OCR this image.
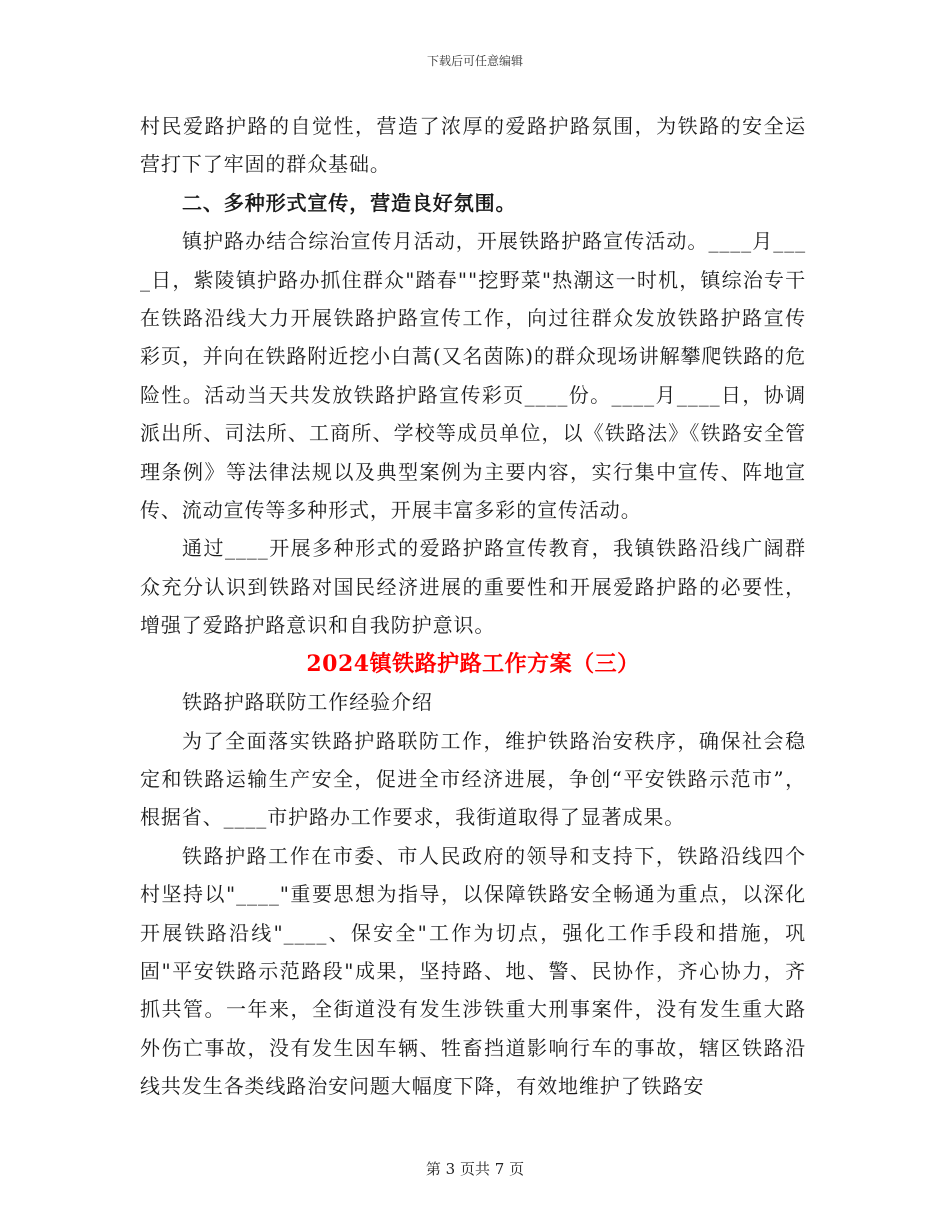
下载后可任意编辑

村民爱路护路的自觉性，营造了浓厚的爱路护路氛围，为铁路的安全运营打下了牢固的群众基础。

二、多种形式宣传，营造良好氛围。

镇护路办结合综治宣传月活动，开展铁路护路宣传活动。____月____日，紫陵镇护路办抓住群众"踏春""挖野菜"热潮这一时机，镇综治专干在铁路沿线大力开展铁路护路宣传工作，向过往群众发放铁路护路宣传彩页，并向在铁路附近挖小白蒿(又名茵陈)的群众现场讲解攀爬铁路的危险性。活动当天共发放铁路护路宣传彩页____份。____月____日，协调派出所、司法所、工商所、学校等成员单位，以《铁路法》《铁路安全管理条例》等法律法规以及典型案例为主要内容，实行集中宣传、阵地宣传、流动宣传等多种形式，开展丰富多彩的宣传活动。

通过____开展多种形式的爱路护路宣传教育，我镇铁路沿线广阔群众充分认识到铁路对国民经济进展的重要性和开展爱路护路的必要性，增强了爱路护路意识和自我防护意识。

2024镇铁路护路工作方案（三）

铁路护路联防工作经验介绍

为了全面落实铁路护路联防工作，维护铁路治安秩序，确保社会稳定和铁路运输生产安全，促进全市经济进展，争创“平安铁路示范市”，根据省、____市护路办工作要求，我街道取得了显著成果。

铁路护路工作在市委、市人民政府的领导和支持下，铁路沿线四个村坚持以"____"重要思想为指导，以保障铁路安全畅通为重点，以深化开展铁路沿线"____、保安全"工作为切点，强化工作手段和措施，巩固"平安铁路示范路段"成果，坚持路、地、警、民协作，齐心协力，齐抓共管。一年来，全街道没有发生涉铁重大刑事案件，没有发生重大路外伤亡事故，没有发生因车辆、牲畜挡道影响行车的事故，辖区铁路沿线共发生各类线路治安问题大幅度下降，有效地维护了铁路安

第 3 页共 7 页
